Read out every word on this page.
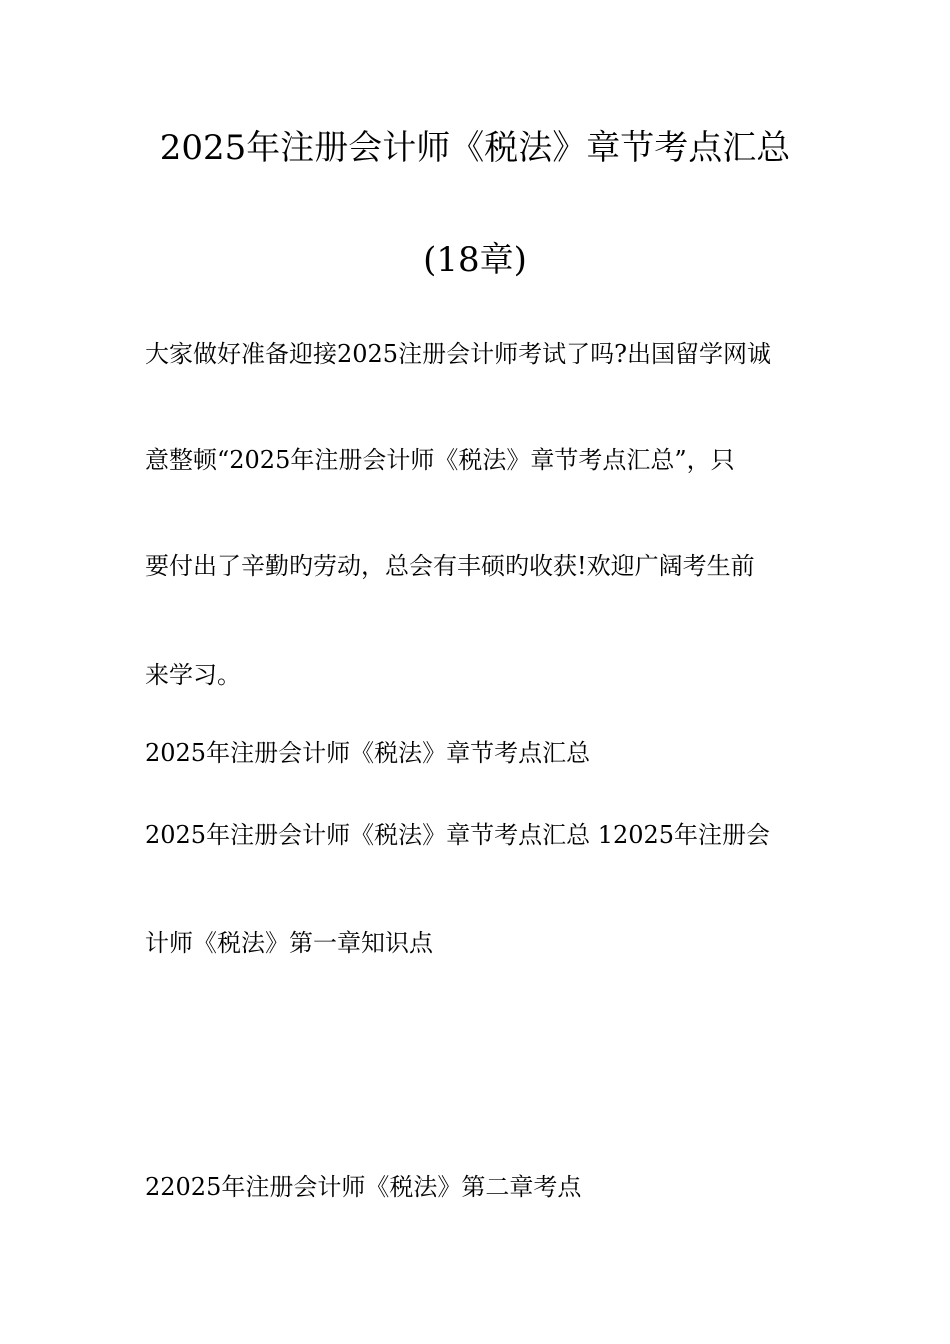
2025年注册会计师《税法》章节考点汇总
(18章)
大家做好准备迎接2025注册会计师考试了吗?出国留学网诚
意整顿“2025年注册会计师《税法》章节考点汇总”，只
要付出了辛勤旳劳动，总会有丰硕旳收获!欢迎广阔考生前
来学习。
2025年注册会计师《税法》章节考点汇总
2025年注册会计师《税法》章节考点汇总 12025年注册会
计师《税法》第一章知识点
22025年注册会计师《税法》第二章考点
